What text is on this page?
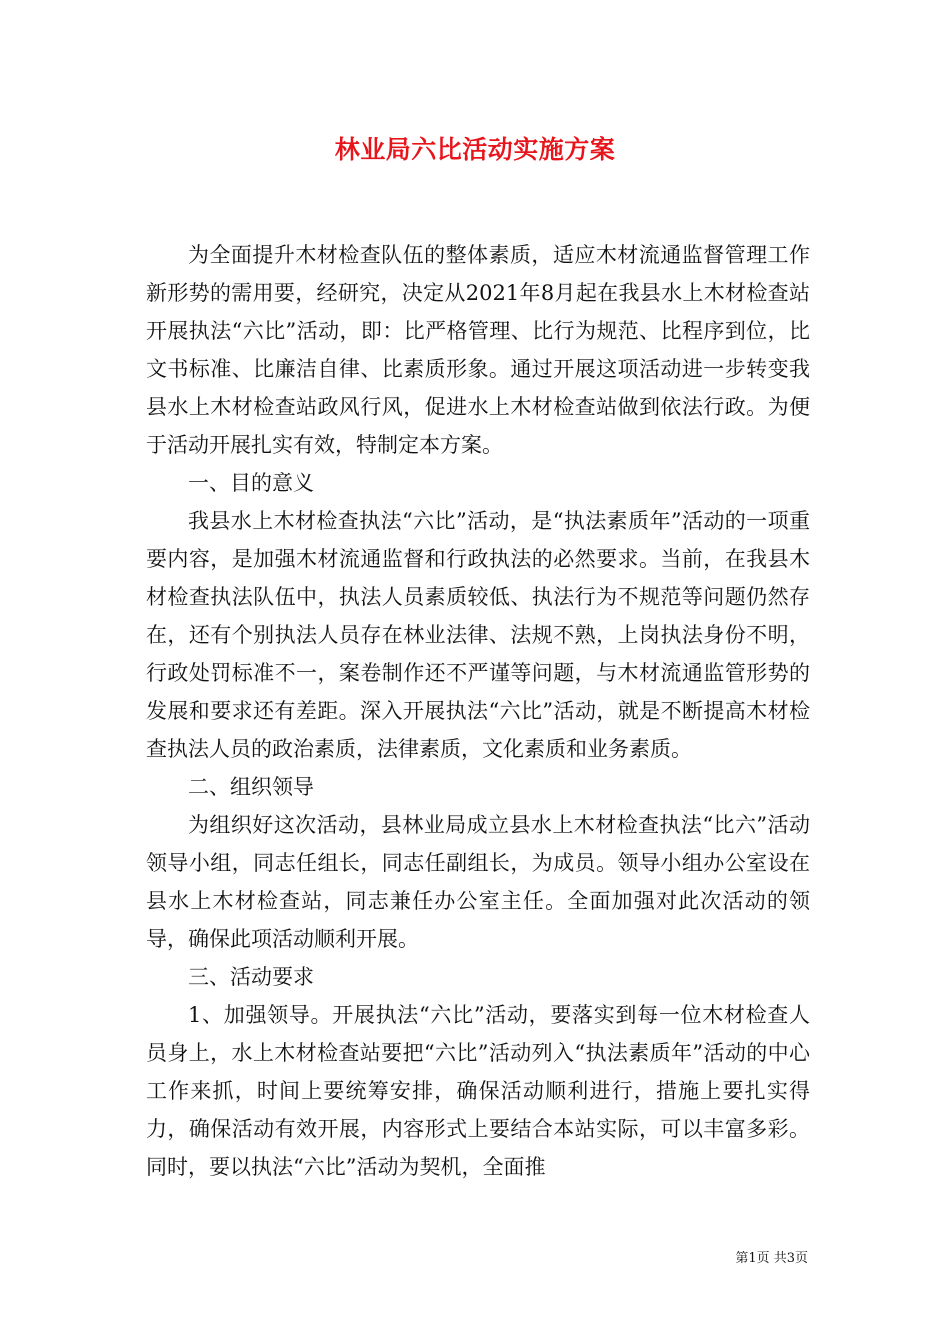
林业局六比活动实施方案

为全面提升木材检查队伍的整体素质，适应木材流通监督管理工作新形势的需用要，经研究，决定从2021年8月起在我县水上木材检查站开展执法“六比”活动，即：比严格管理、比行为规范、比程序到位，比文书标准、比廉洁自律、比素质形象。通过开展这项活动进一步转变我县水上木材检查站政风行风，促进水上木材检查站做到依法行政。为便于活动开展扎实有效，特制定本方案。

一、目的意义

我县水上木材检查执法“六比”活动，是“执法素质年”活动的一项重要内容，是加强木材流通监督和行政执法的必然要求。当前，在我县木材检查执法队伍中，执法人员素质较低、执法行为不规范等问题仍然存在，还有个别执法人员存在林业法律、法规不熟，上岗执法身份不明，行政处罚标准不一，案卷制作还不严谨等问题，与木材流通监管形势的发展和要求还有差距。深入开展执法“六比”活动，就是不断提高木材检查执法人员的政治素质，法律素质，文化素质和业务素质。

二、组织领导

为组织好这次活动，县林业局成立县水上木材检查执法“比六”活动领导小组，同志任组长，同志任副组长，为成员。领导小组办公室设在县水上木材检查站，同志兼任办公室主任。全面加强对此次活动的领导，确保此项活动顺利开展。

三、活动要求

1、加强领导。开展执法“六比”活动，要落实到每一位木材检查人员身上，水上木材检查站要把“六比”活动列入“执法素质年”活动的中心工作来抓，时间上要统筹安排，确保活动顺利进行，措施上要扎实得力，确保活动有效开展，内容形式上要结合本站实际，可以丰富多彩。同时，要以执法“六比”活动为契机，全面推

第1页 共3页
